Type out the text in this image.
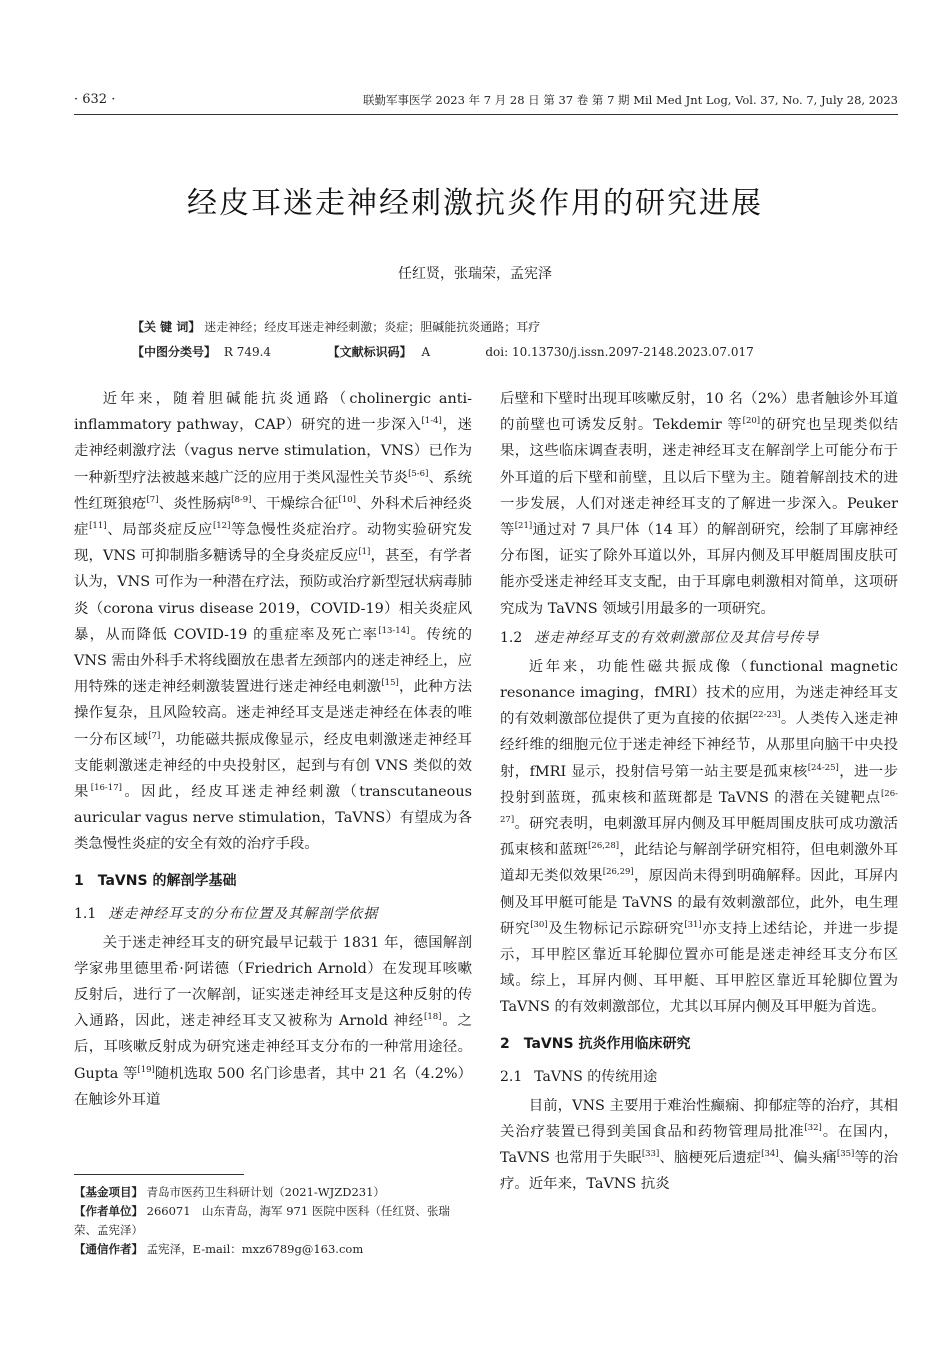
· 632 ·	联勤军事医学 2023 年 7 月 28 日 第 37 卷 第 7 期 Mil Med Jnt Log, Vol. 37, No. 7, July 28, 2023
经皮耳迷走神经刺激抗炎作用的研究进展
任红贤，张瑞荣，孟宪泽
【关 键 词】 迷走神经；经皮耳迷走神经刺激；炎症；胆碱能抗炎通路；耳疗
【中图分类号】 R 749.4	【文献标识码】 A	doi: 10.13730/j.issn.2097-2148.2023.07.017

近年来，随着胆碱能抗炎通路（cholinergic anti-inflammatory pathway，CAP）研究的进一步深入[1-4]，迷走神经刺激疗法（vagus nerve stimulation，VNS）已作为一种新型疗法被越来越广泛的应用于类风湿性关节炎[5-6]、系统性红斑狼疮[7]、炎性肠病[8-9]、干燥综合征[10]、外科术后神经炎症[11]、局部炎症反应[12]等急慢性炎症治疗。动物实验研究发现，VNS 可抑制脂多糖诱导的全身炎症反应[1]，甚至，有学者认为，VNS 可作为一种潜在疗法，预防或治疗新型冠状病毒肺炎（corona virus disease 2019，COVID-19）相关炎症风暴，从而降低 COVID-19 的重症率及死亡率[13-14]。传统的 VNS 需由外科手术将线圈放在患者左颈部内的迷走神经上，应用特殊的迷走神经刺激装置进行迷走神经电刺激[15]，此种方法操作复杂，且风险较高。迷走神经耳支是迷走神经在体表的唯一分布区域[7]，功能磁共振成像显示，经皮电刺激迷走神经耳支能刺激迷走神经的中央投射区，起到与有创 VNS 类似的效果[16-17]。因此，经皮耳迷走神经刺激（transcutaneous auricular vagus nerve stimulation，TaVNS）有望成为各类急慢性炎症的安全有效的治疗手段。

1　TaVNS 的解剖学基础
1.1 迷走神经耳支的分布位置及其解剖学依据

关于迷走神经耳支的研究最早记载于 1831 年，德国解剖学家弗里德里希·阿诺德（Friedrich Arnold）在发现耳咳嗽反射后，进行了一次解剖，证实迷走神经耳支是这种反射的传入通路，因此，迷走神经耳支又被称为 Arnold 神经[18]。之后，耳咳嗽反射成为研究迷走神经耳支分布的一种常用途径。Gupta 等[19]随机选取 500 名门诊患者，其中 21 名（4.2%）在触诊外耳道

后壁和下壁时出现耳咳嗽反射，10 名（2%）患者触诊外耳道的前壁也可诱发反射。Tekdemir 等[20]的研究也呈现类似结果，这些临床调查表明，迷走神经耳支在解剖学上可能分布于外耳道的后下壁和前壁，且以后下壁为主。随着解剖技术的进一步发展，人们对迷走神经耳支的了解进一步深入。Peuker 等[21]通过对 7 具尸体（14 耳）的解剖研究，绘制了耳廓神经分布图，证实了除外耳道以外，耳屏内侧及耳甲艇周围皮肤可能亦受迷走神经耳支支配，由于耳廓电刺激相对简单，这项研究成为 TaVNS 领域引用最多的一项研究。

1.2 迷走神经耳支的有效刺激部位及其信号传导

近年来，功能性磁共振成像（functional magnetic resonance imaging，fMRI）技术的应用，为迷走神经耳支的有效刺激部位提供了更为直接的依据[22-23]。人类传入迷走神经纤维的细胞元位于迷走神经下神经节，从那里向脑干中央投射，fMRI 显示，投射信号第一站主要是孤束核[24-25]，进一步投射到蓝斑，孤束核和蓝斑都是 TaVNS 的潜在关键靶点[26-27]。研究表明，电刺激耳屏内侧及耳甲艇周围皮肤可成功激活孤束核和蓝斑[26,28]，此结论与解剖学研究相符，但电刺激外耳道却无类似效果[26,29]，原因尚未得到明确解释。因此，耳屏内侧及耳甲艇可能是 TaVNS 的最有效刺激部位，此外，电生理研究[30]及生物标记示踪研究[31]亦支持上述结论，并进一步提示，耳甲腔区靠近耳轮脚位置亦可能是迷走神经耳支分布区域。综上，耳屏内侧、耳甲艇、耳甲腔区靠近耳轮脚位置为 TaVNS 的有效刺激部位，尤其以耳屏内侧及耳甲艇为首选。

2　TaVNS 抗炎作用临床研究
2.1 TaVNS 的传统用途

目前，VNS 主要用于难治性癫痫、抑郁症等的治疗，其相关治疗装置已得到美国食品和药物管理局批准[32]。在国内，TaVNS 也常用于失眠[33]、脑梗死后遗症[34]、偏头痛[35]等的治疗。近年来，TaVNS 抗炎

【基金项目】 青岛市医药卫生科研计划（2021-WJZD231）
【作者单位】 266071　山东青岛，海军 971 医院中医科（任红贤、张瑞荣、孟宪泽）
【通信作者】 孟宪泽，E-mail：mxz6789g@163.com
